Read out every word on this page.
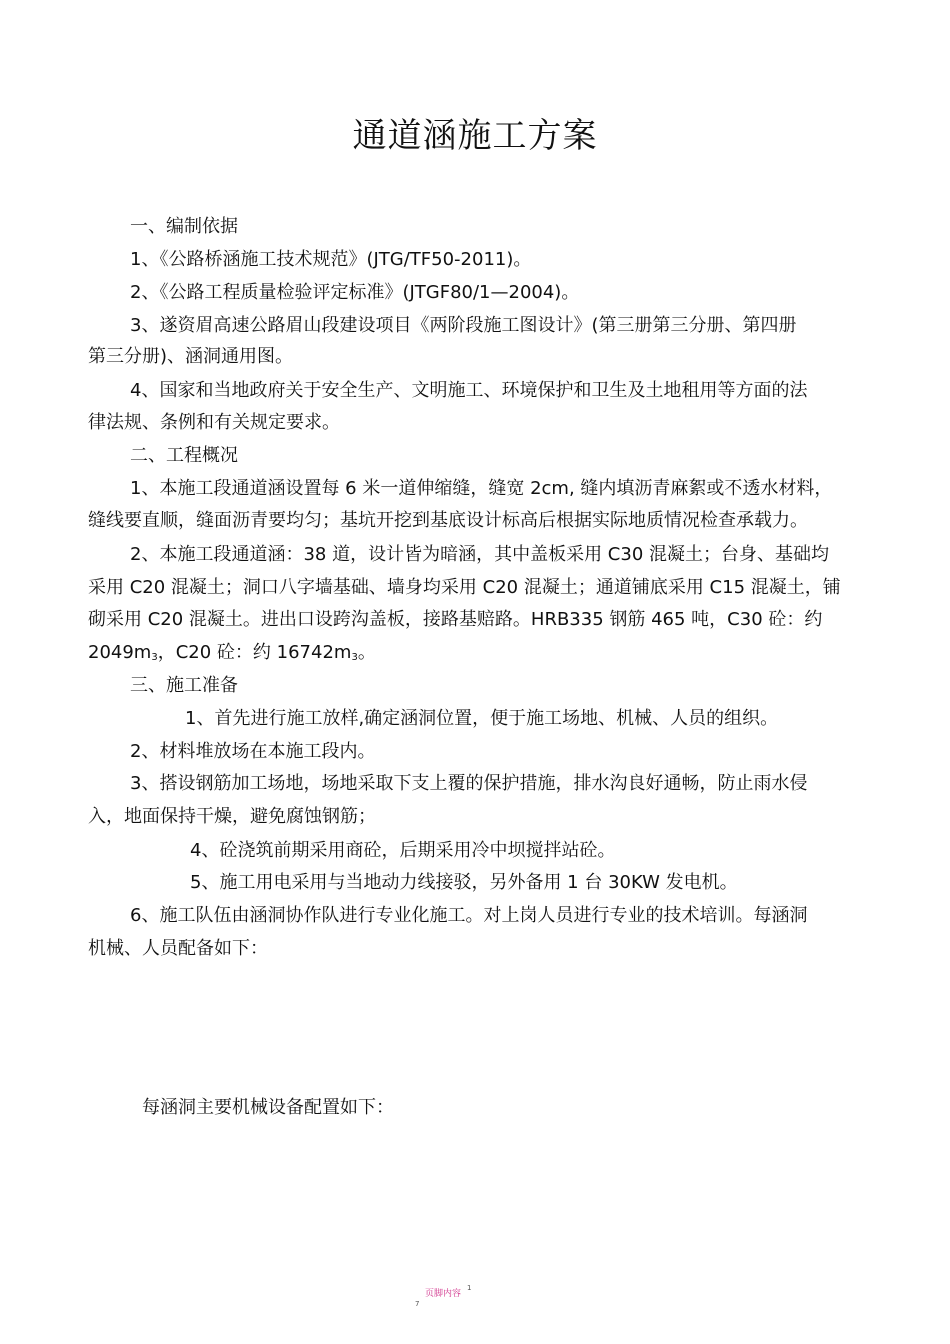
通道涵施工方案
一、编制依据
1、《公路桥涵施工技术规范》(JTG/TF50-2011)。
2、《公路工程质量检验评定标准》(JTGF80/1—2004)。
3、遂资眉高速公路眉山段建设项目《两阶段施工图设计》(第三册第三分册、第四册
第三分册)、涵洞通用图。
4、国家和当地政府关于安全生产、文明施工、环境保护和卫生及土地租用等方面的法
律法规、条例和有关规定要求。
二、工程概况
1、本施工段通道涵设置每 6 米一道伸缩缝，缝宽 2cm, 缝内填沥青麻絮或不透水材料，
缝线要直顺，缝面沥青要均匀；基坑开挖到基底设计标高后根据实际地质情况检查承载力。
2、本施工段通道涵：38 道，设计皆为暗涵，其中盖板采用 C30 混凝土；台身、基础均
采用 C20 混凝土；洞口八字墙基础、墙身均采用 C20 混凝土；通道铺底采用 C15 混凝土，铺
砌采用 C20 混凝土。进出口设跨沟盖板，接路基赔路。HRB335 钢筋 465 吨，C30 砼：约
$2049m_3$，C20 砼：约 $16742m_3$。
三、施工准备
1、首先进行施工放样,确定涵洞位置，便于施工场地、机械、人员的组织。
2、材料堆放场在本施工段内。
3、搭设钢筋加工场地，场地采取下支上覆的保护措施，排水沟良好通畅，防止雨水侵
入，地面保持干燥，避免腐蚀钢筋；
4、砼浇筑前期采用商砼，后期采用冷中坝搅拌站砼。
5、施工用电采用与当地动力线接驳，另外备用 1 台 30KW 发电机。
6、施工队伍由涵洞协作队进行专业化施工。对上岗人员进行专业的技术培训。每涵洞
机械、人员配备如下：
每涵洞主要机械设备配置如下：
页脚内容
1
7
